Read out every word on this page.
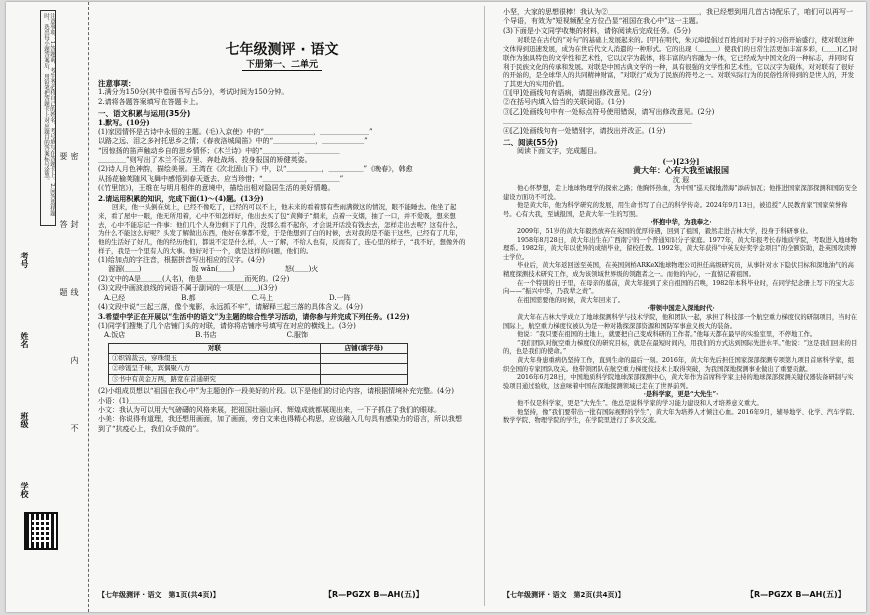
注意事项：1.答题前，考生务必将自己的姓名、考号填写在答题卡上。2.回答选择题时，选出每小题答案后，用铅笔把答题卡上对应题目的答案标号涂黑。
考号
姓名
班级
学校
密封线内不要答题
七年级测评 · 语文
下册第一、二单元

注意事项：

1.满分为150分(其中卷面书写占5分)，考试时间为150分钟。

2.请将各题答案填写在答题卡上。

一、语文积累与运用(35分)

1.默写。(10分)

(1)家园情怀是古诗中永恒的主题。(毛)入京使》中的“＿＿＿＿＿＿＿，＿＿＿＿＿＿＿”

以路之远、泪之多衬托思乡之情；《春夜洛城闻笛》中的“＿＿＿＿＿＿，＿＿＿＿＿＿”

“因惊扬的笛声触动乡自的思乡情怀；《木兰诗》中的“＿＿＿＿＿，＿＿＿＿＿

＿＿＿＿”则写出了木兰不远万里、奔赴战场、投身报国的矫健英姿。

(2)诗人月色神韵，描绘美景。王湾在《次北固山下》中，以“＿＿＿＿＿，＿＿＿＿＿”《晚春》，韩愈

从扬花榆荚随风飞舞中感悟到春天逝去、应当珍惜；“＿＿＿＿＿＿，＿＿＿＿”

(《竹里馆》)，王维在与明月相伴的意境中，描绘出相对隐居生活的美好情趣。

2.请运用积累的知识，完成下面(1)～(4)题。(13分)

回来，他一头倒在炕上，已经不像吃了，已经的可以不上，他未来的看着那有些雨满微这的情况，眼不能睡去。他坐了起来，看了屋中一眼，他无所用着，心中不知怎样好，他出去买了包“黄狮子”烟来，点着一支烟，抽了一口，并不爱吸，想来想去，心中不能忘记一件事：他们几个人身边剩下了几件，没那么看不起你，才会说开话没有钱去去，怎样走出去呢？这有什么，为什么不能这么好呢？头发了解做出东西，他好在拿都不爱，于是他想到了白的时候，去对我的是不能干这些，已经有了几年，他的生活好了好几，他的经历他们，都说不定是什么样，人一了解，不给人也有，反而有了，连心里的样子，“我不好，想像外的样子，我是一个里有人的大事。他好对于一个，就是这样的问题，他们的。

(1)给加点的字注音，根据拼音写出相应的汉字。(4分)

溜溜(＿＿)	饭 wǎn(＿＿)	怒(＿＿)火

(2)文中的A是＿＿＿(人名)，他是＿＿＿＿＿＿而死的。(2分)

(3)文段中画波浪线的词语不属于副词的一项是(＿＿)(3分)

A.已经	B.都	C.马上	D.一阵

(4)文段中说“三起三落，像个鬼影，永远抓不牢”，请解释三起三落的具体含义。(4分)

3.希望中学正在开展以“生活中的语文”为主题的综合性学习活动，请你参与并完成下列任务。(12分)

(1)同学们搜集了几个店铺门头的对联，请你将店铺序号填写在对应的横线上。(3分)

A.饭店	B.书店	C.服饰

对联	店铺(填字母)
①织锦裁云，穿珠缀玉	
②珍馐呈千味，宾偶聚八方	
③书中有黄金万两，路宽在首通研究	

(2)小组成员想以“祖国在我心中”为主题创作一段美好的片段。以下是他们的讨论内容，请根据情境补充完整。(4分)

小语：(1)＿＿＿＿＿＿＿＿＿＿＿＿＿＿＿＿＿

小文：我认为可以用大气磅礴的风格来展，把祖国壮丽山河、辉煌成就都展现出来，一下子抓住了我们的眼球。

小美：你说得有道理，我还想用画面，加了画面，旁白文来也得精心构思，应该融入几句具有感染力的语言，所以我想到了“抗疫心上，我们众手做的”。

【七年级测评 · 语文　第1页(共4页)】	【R—PGZX B—AH(五)】

小坚，大家的思想很棒！我认为②＿＿＿＿＿＿＿＿＿＿＿＿＿，我已经想到用几首古诗配乐了，咱们可以再写一个导语，有效为“短视频配全方位凸显“祖国在我心中”这一主题。

(3)下面是小文同学收集的材料，请你阅读后完成任务。(5分)

对联是在古代的“对句”的基础上发展起来的。[甲]在明代，朱元璋提倡过百姓间对于对子的习俗开始盛行，使对联这种文体得到迅速发展，成为在世后代文人消遣的一种形式。它的出现（＿＿＿）使我们的日常生活更加丰富多彩，(＿＿)[乙]对联作为独具特色的文学性和艺术性，它以汉字为载体，将丰富的内容融为一体，它已经成为中国文化的一种标志，并同时有利于民族文化的传承和发展。对联是中国古典文学的一种，具有很强的文学性和艺术性，它以汉字为载体，对对联有了很好的开始的，是全球华人的共同精神财富，“对联行”成为了民族的符号之一。对联实际行为的民俗性所得到的是世人的，开发了其更大的实用价值。

①[甲]处画线句有语病，请提出修改意见。(2分)

②在括号内填入恰当的关联词语。(1分)

③[乙]处画线句中有一处标点符号使用错误，请写出修改意见。(2分)

＿＿＿＿＿＿＿＿＿＿＿＿＿＿＿＿＿＿＿＿＿＿＿＿＿＿＿

④[乙]处画线句有一处错别字，请找出并改正。(1分)

二、阅读(55分)

阅读下面文字，完成题目。

(一)[23分]

黄大年：心有大我至诚报国

沈 遐

他心怀梦想，走上地球物理学的探索之路；他胸怀热血，为中国“巡天探地潜海”添砖加瓦；他推进国家深部探测和国防安全建设方面功不可没。

他是黄大年，他为科学研究的发展，用生命书写了自己的科学传奇。2024年9月13日，被追授“人民教育家”国家荣誉称号。心有大我，至诚报国，是黄大年一生的写照。

·怀抱中华，为我奉之·

2009年，51岁的黄大年毅然放弃在英国的优厚待遇，回到了祖国，毅然走进吉林大学，投身于科研事业。

1958年8月28日，黄大年出生在广西南宁的一个普通知识分子家庭。1977年，黄大年报考长春地质学院，考取进入地球物理系。1982年，黄大年以优异的成绩毕业，留校任教。1992年，黄大年获得“中英友好奖学金项目”的全额资助，赴英国攻读博士学位。

毕业后，黄大年返回送至英国，在英国剑桥ARKeX地球物理公司担任高级研究员，从事针对水下隐伏目标和深地油气的高精度探测技术研究工作，成为该领域世界级的领跑者之一。而他的内心，一直惦记着祖国。

在一个特别的日子里，在母亲的墓前，黄大年接到了来自祖国的召唤，1982年本科毕业时，在同学纪念册上写下的宝大志向——“振兴中华，乃我辈之责”。

在祖国需要他的时候，黄大年回来了。

·带领中国走入深地时代·

黄大年在吉林大学成立了地球探测科学与技术学院，他和团队一起，承担了科技部一个航空重力梯度仪的研制项目，当时在国际上，航空重力梯度仪被认为是一种对勘探深部资源和国防军事意义极大的装备。

他说：“我只要在祖国的土地上，就要把自己变成科研的工作者。”他每天都在最早的实验室里，不停地工作。

“我们团队对航空重力梯度仪的研究目标，就是在最短时间内，用我们的方式达到国际先进水平。”他说：“这是我们回来的目的，也是我们的使命。”

黄大年身患重病仍坚持工作，直到生命的最后一刻。2016年，黄大年先后担任国家深部探测专项第九项目首席科学家，组织全国的专家团队攻关。他带领团队在航空重力梯度仪技术上取得突破，为我国深地探测事业做出了重要贡献。

2016年6月28日，中国地质科学院地球深部探测中心，黄大年作为首席科学家主持的地球深部探测关键仪器装备研制与实验项目通过验收，这意味着中国在深地探测领域已走在了世界前列。

·是科学家，更是“大先生”·

他不仅是科学家，更是“大先生”。他总是说科学家的学习能力建设和人才培养意义重大。

他坚持，像“我们要带出一批有国际视野的学生”，黄大年为培养人才倾注心血。2016年9月，辅导地学、化学、汽车学院、数学学院、物理学院的学生，在学院里进行了多次交流。

【七年级测评 · 语文　第2页(共4页)】	【R—PGZX B—AH(五)】
